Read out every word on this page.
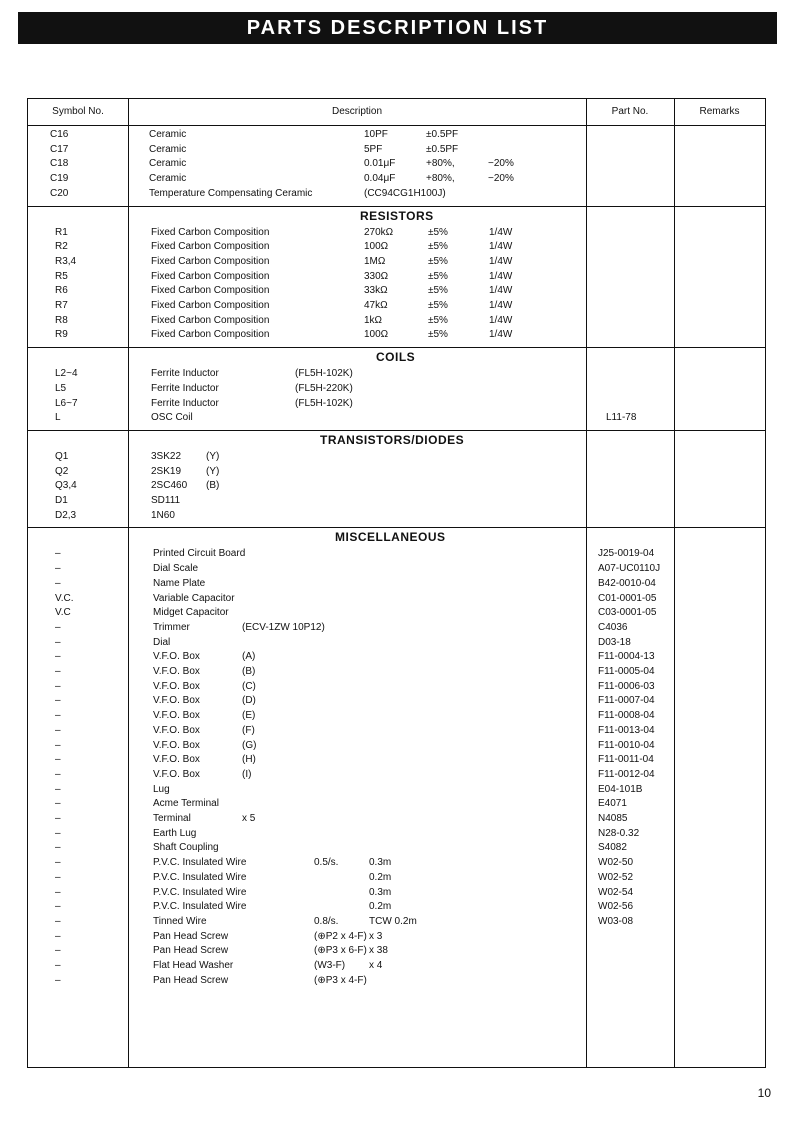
PARTS DESCRIPTION LIST
Symbol No.	Description	Part No.	Remarks
C16	Ceramic	10PF	±0.5PF
C17	Ceramic	5PF	±0.5PF
C18	Ceramic	0.01μF	+80%,	−20%
C19	Ceramic	0.04μF	+80%,	−20%
C20	Temperature Compensating Ceramic	(CC94CG1H100J)
RESISTORS
R1	Fixed Carbon Composition	270kΩ	±5%	1/4W
R2	Fixed Carbon Composition	100Ω	±5%	1/4W
R3,4	Fixed Carbon Composition	1MΩ	±5%	1/4W
R5	Fixed Carbon Composition	330Ω	±5%	1/4W
R6	Fixed Carbon Composition	33kΩ	±5%	1/4W
R7	Fixed Carbon Composition	47kΩ	±5%	1/4W
R8	Fixed Carbon Composition	1kΩ	±5%	1/4W
R9	Fixed Carbon Composition	100Ω	±5%	1/4W
COILS
L2~4	Ferrite Inductor	(FL5H-102K)
L5	Ferrite Inductor	(FL5H-220K)
L6~7	Ferrite Inductor	(FL5H-102K)
L	OSC Coil	L11-78
TRANSISTORS/DIODES
Q1	3SK22 (Y)
Q2	2SK19 (Y)
Q3,4	2SC460 (B)
D1	SD111
D2,3	1N60
MISCELLANEOUS
–	Printed Circuit Board	J25-0019-04
–	Dial Scale	A07-UC0110J
–	Name Plate	B42-0010-04
V.C.	Variable Capacitor	C01-0001-05
V.C	Midget Capacitor	C03-0001-05
–	Trimmer	(ECV-1ZW 10P12)	C4036
–	Dial	D03-18
–	V.F.O. Box	(A)	F11-0004-13
–	V.F.O. Box	(B)	F11-0005-04
–	V.F.O. Box	(C)	F11-0006-03
–	V.F.O. Box	(D)	F11-0007-04
–	V.F.O. Box	(E)	F11-0008-04
–	V.F.O. Box	(F)	F11-0013-04
–	V.F.O. Box	(G)	F11-0010-04
–	V.F.O. Box	(H)	F11-0011-04
–	V.F.O. Box	(I)	F11-0012-04
–	Lug	E04-101B
–	Acme Terminal	E4071
–	Terminal	x 5	N4085
–	Earth Lug	N28-0.32
–	Shaft Coupling	S4082
–	P.V.C. Insulated Wire	0.5/s.	0.3m	W02-50
–	P.V.C. Insulated Wire	0.2m	W02-52
–	P.V.C. Insulated Wire	0.3m	W02-54
–	P.V.C. Insulated Wire	0.2m	W02-56
–	Tinned Wire	0.8/s.	TCW 0.2m	W03-08
–	Pan Head Screw	(⊕P2 x 4-F) x 3
–	Pan Head Screw	(⊕P3 x 6-F) x 38
–	Flat Head Washer	(W3-F) x 4
–	Pan Head Screw	(⊕P3 x 4-F)
10
